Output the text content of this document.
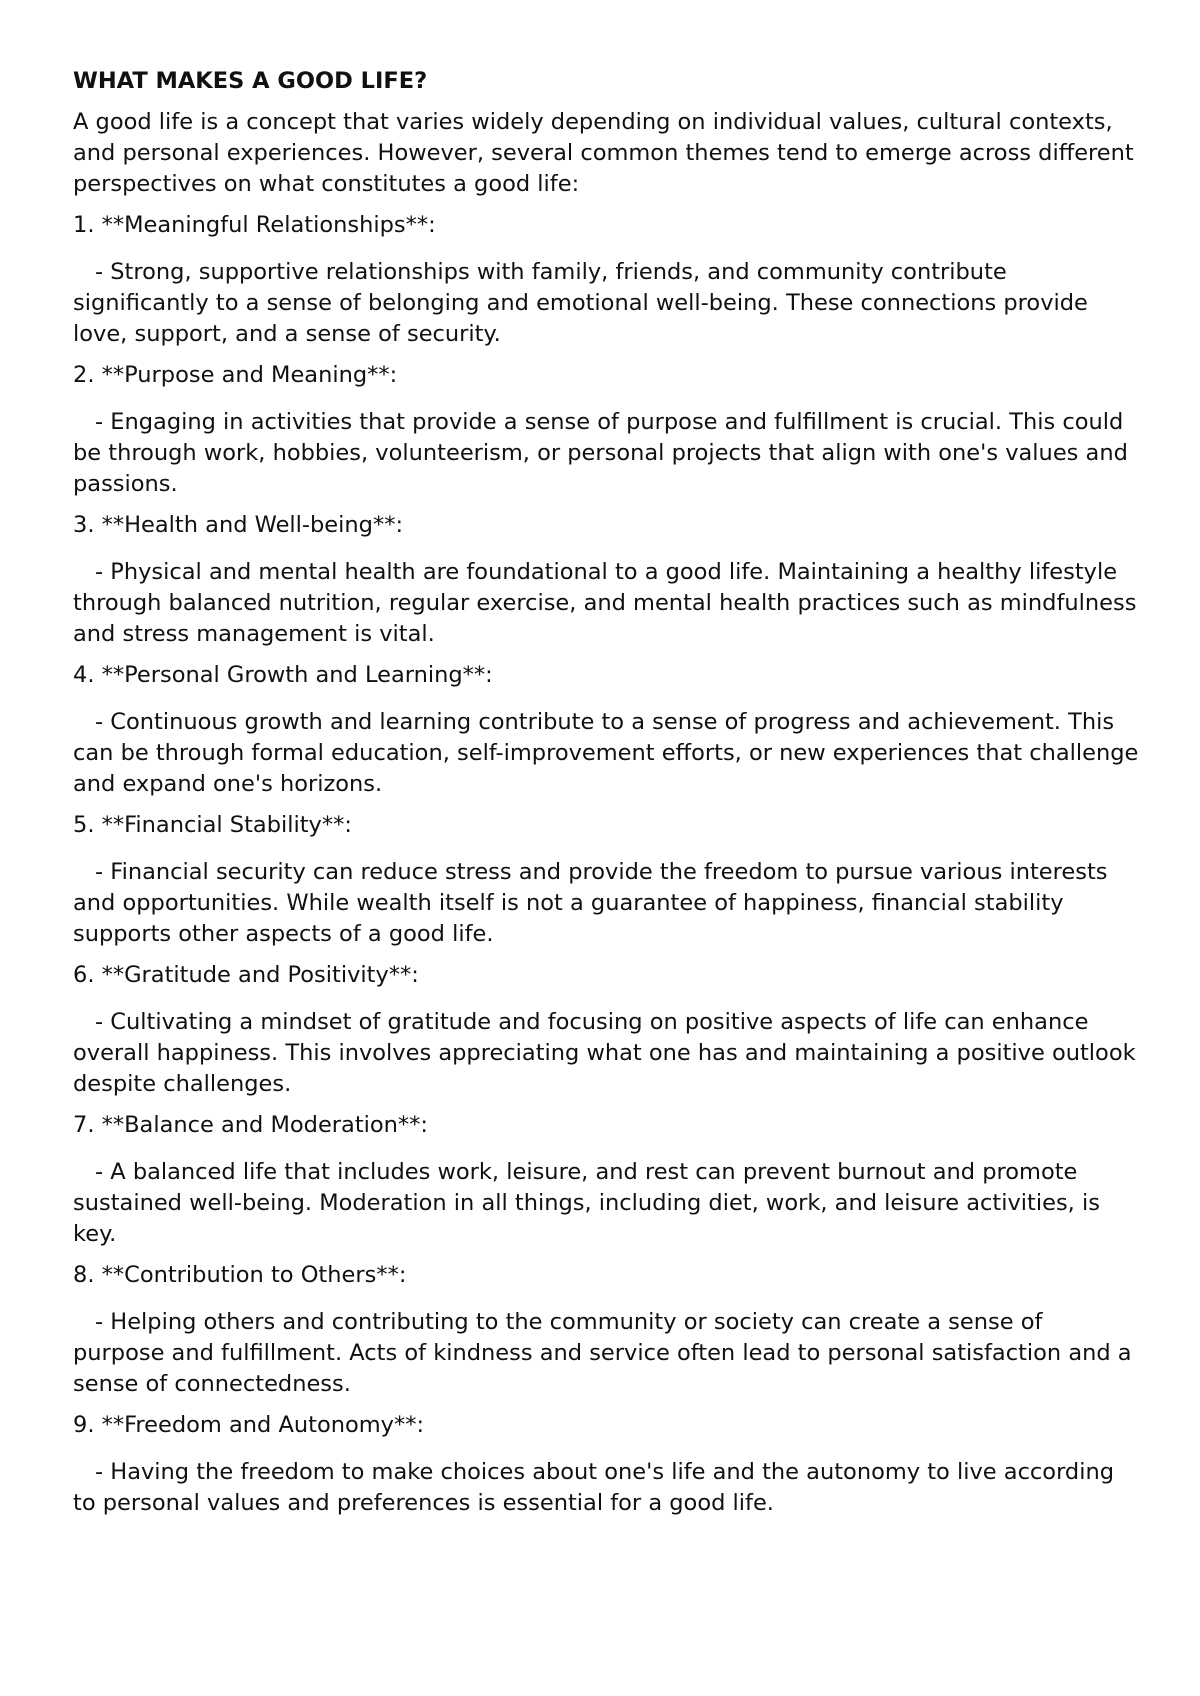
WHAT MAKES A GOOD LIFE?

A good life is a concept that varies widely depending on individual values, cultural contexts, and personal experiences. However, several common themes tend to emerge across different perspectives on what constitutes a good life:

1. **Meaningful Relationships**:

- Strong, supportive relationships with family, friends, and community contribute significantly to a sense of belonging and emotional well-being. These connections provide love, support, and a sense of security.

2. **Purpose and Meaning**:

- Engaging in activities that provide a sense of purpose and fulfillment is crucial. This could be through work, hobbies, volunteerism, or personal projects that align with one's values and passions.

3. **Health and Well-being**:

- Physical and mental health are foundational to a good life. Maintaining a healthy lifestyle through balanced nutrition, regular exercise, and mental health practices such as mindfulness and stress management is vital.

4. **Personal Growth and Learning**:

- Continuous growth and learning contribute to a sense of progress and achievement. This can be through formal education, self-improvement efforts, or new experiences that challenge and expand one's horizons.

5. **Financial Stability**:

- Financial security can reduce stress and provide the freedom to pursue various interests and opportunities. While wealth itself is not a guarantee of happiness, financial stability supports other aspects of a good life.

6. **Gratitude and Positivity**:

- Cultivating a mindset of gratitude and focusing on positive aspects of life can enhance overall happiness. This involves appreciating what one has and maintaining a positive outlook despite challenges.

7. **Balance and Moderation**:

- A balanced life that includes work, leisure, and rest can prevent burnout and promote sustained well-being. Moderation in all things, including diet, work, and leisure activities, is key.

8. **Contribution to Others**:

- Helping others and contributing to the community or society can create a sense of purpose and fulfillment. Acts of kindness and service often lead to personal satisfaction and a sense of connectedness.

9. **Freedom and Autonomy**:

- Having the freedom to make choices about one's life and the autonomy to live according to personal values and preferences is essential for a good life.
